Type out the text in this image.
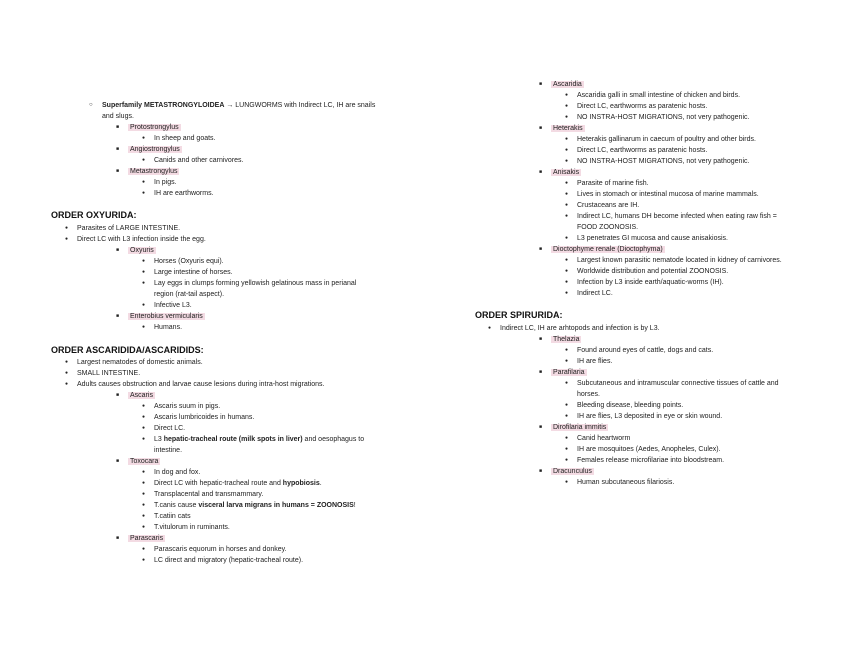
○ Superfamily METASTRONGYLOIDEA → LUNGWORMS with Indirect LC, IH are snails
and slugs.
■ Protostrongylus
● In sheep and goats.
■ Angiostrongylus
● Canids and other carnivores.
■ Metastrongylus
● In pigs.
● IH are earthworms.
ORDER OXYURIDA:
● Parasites of LARGE INTESTINE.
● Direct LC with L3 infection inside the egg.
■ Oxyuris
● Horses (Oxyuris equi).
● Large intestine of horses.
● Lay eggs in clumps forming yellowish gelatinous mass in perianal
region (rat-tail aspect).
● Infective L3.
■ Enterobius vermicularis
● Humans.
ORDER ASCARIDIDA/ASCARIDIDS:
● Largest nematodes of domestic animals.
● SMALL INTESTINE.
● Adults causes obstruction and larvae cause lesions during intra-host migrations.
■ Ascaris
● Ascaris suum in pigs.
● Ascaris lumbricoides in humans.
● Direct LC.
● L3 hepatic-tracheal route (milk spots in liver) and oesophagus to
intestine.
■ Toxocara
● In dog and fox.
● Direct LC with hepatic-tracheal route and hypobiosis.
● Transplacental and transmammary.
● T.canis cause visceral larva migrans in humans = ZOONOSIS!
● T.catiin cats
● T.vitulorum in ruminants.
■ Parascaris
● Parascaris equorum in horses and donkey.
● LC direct and migratory (hepatic-tracheal route).
■ Ascaridia
● Ascaridia galli in small intestine of chicken and birds.
● Direct LC, earthworms as paratenic hosts.
● NO INSTRA-HOST MIGRATIONS, not very pathogenic.
■ Heterakis
● Heterakis gallinarum in caecum of poultry and other birds.
● Direct LC, earthworms as paratenic hosts.
● NO INSTRA-HOST MIGRATIONS, not very pathogenic.
■ Anisakis
● Parasite of marine fish.
● Lives in stomach or intestinal mucosa of marine mammals.
● Crustaceans are IH.
● Indirect LC, humans DH become infected when eating raw fish =
FOOD ZOONOSIS.
● L3 penetrates GI mucosa and cause anisakiosis.
■ Dioctophyme renale (Dioctophyma)
● Largest known parasitic nematode located in kidney of carnivores.
● Worldwide distribution and potential ZOONOSIS.
● Infection by L3 inside earth/aquatic-worms (IH).
● Indirect LC.
ORDER SPIRURIDA:
● Indirect LC, IH are arhtopods and infection is by L3.
■ Thelazia
● Found around eyes of cattle, dogs and cats.
● IH are flies.
■ Parafilaria
● Subcutaneous and intramuscular connective tissues of cattle and
horses.
● Bleeding disease, bleeding points.
● IH are flies, L3 deposited in eye or skin wound.
■ Dirofilaria immitis
● Canid heartworm
● IH are mosquitoes (Aedes, Anopheles, Culex).
● Females release microfilariae into bloodstream.
■ Dracunculus
● Human subcutaneous filariosis.
